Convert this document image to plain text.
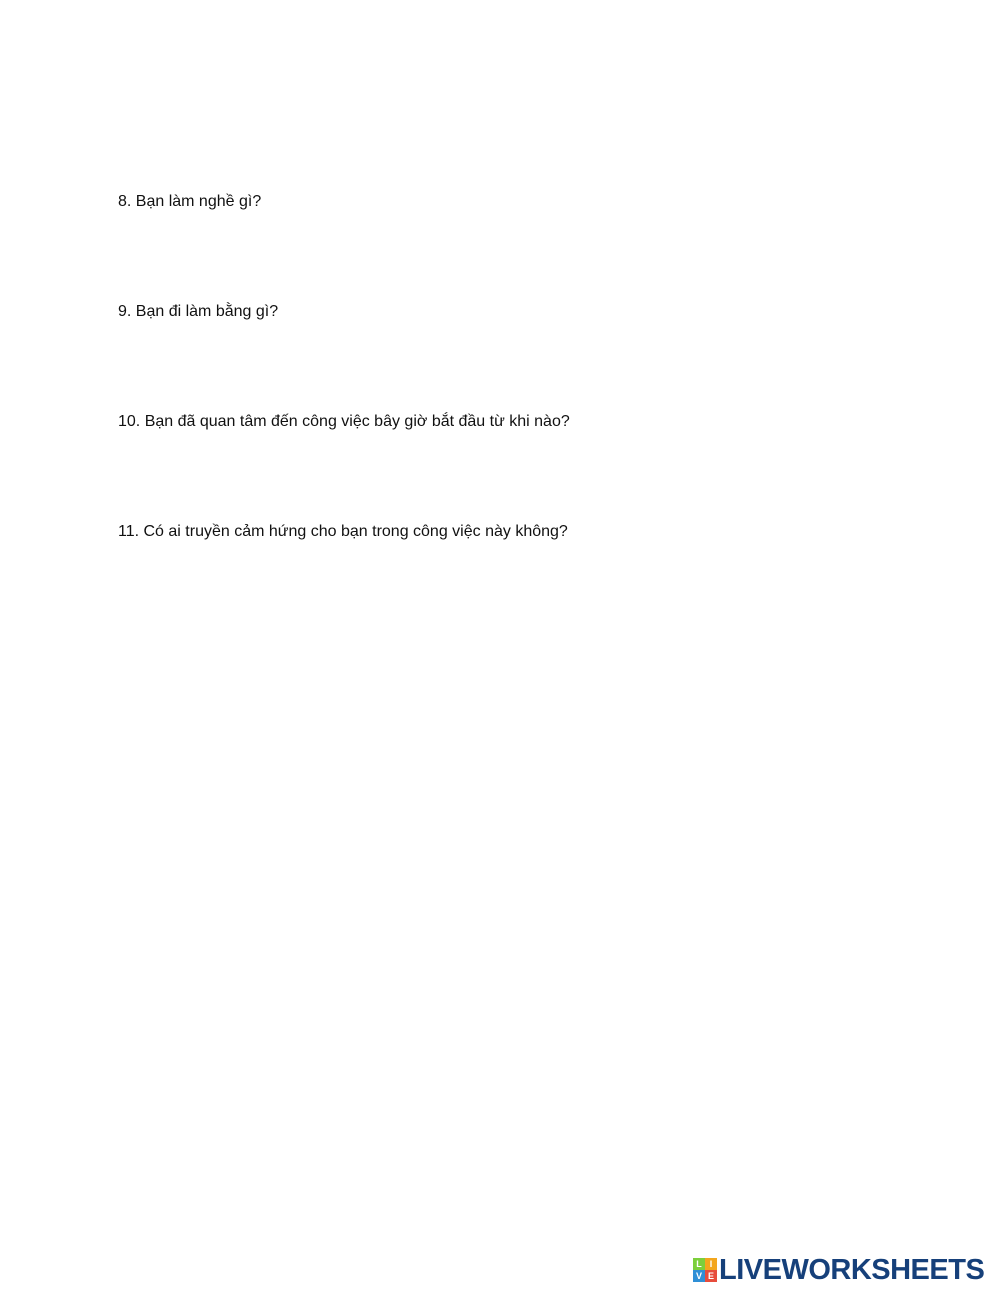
8. Bạn làm nghề gì?
9. Bạn đi làm bằng gì?
10. Bạn đã quan tâm đến công việc bây giờ bắt đầu từ khi nào?
11. Có ai truyền cảm hứng cho bạn trong công việc này không?
L I
V E LIVEWORKSHEETS
